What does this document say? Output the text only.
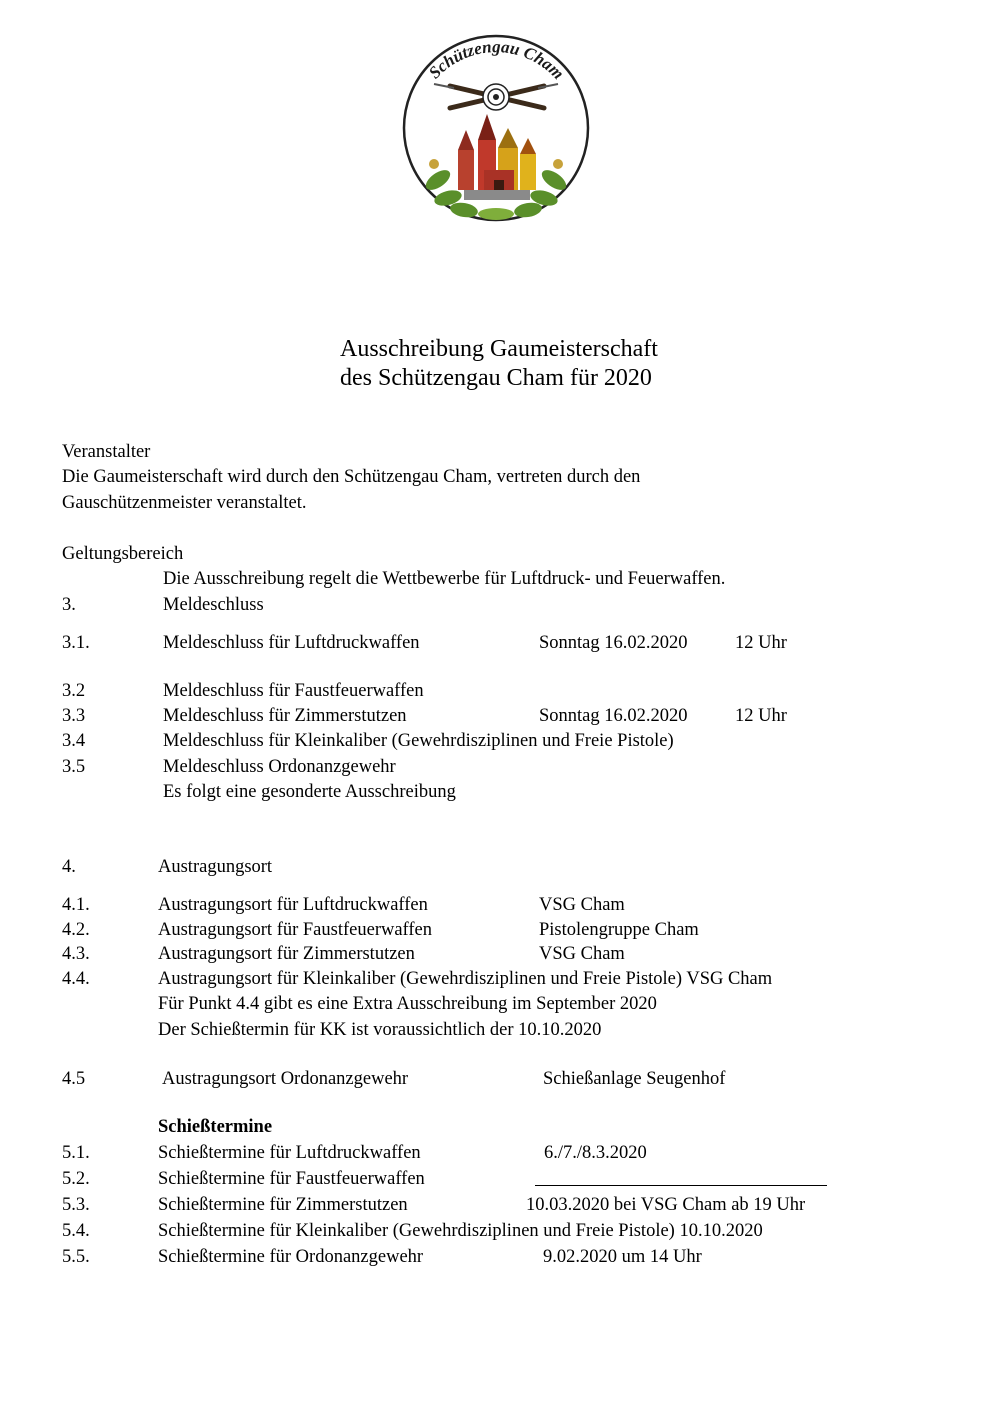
Schützengau Cham
Ausschreibung Gaumeisterschaft
des Schützengau Cham für 2020
Veranstalter
Die Gaumeisterschaft wird durch den Schützengau Cham, vertreten durch den
Gauschützenmeister veranstaltet.
Geltungsbereich
Die Ausschreibung regelt die Wettbewerbe für Luftdruck- und Feuerwaffen.
3.	Meldeschluss
3.1.	Meldeschluss für Luftdruckwaffen	Sonntag 16.02.2020	12 Uhr
3.2	Meldeschluss für Faustfeuerwaffen
3.3	Meldeschluss für Zimmerstutzen	Sonntag 16.02.2020	12 Uhr
3.4	Meldeschluss für Kleinkaliber (Gewehrdisziplinen und Freie Pistole)
3.5	Meldeschluss Ordonanzgewehr
Es folgt eine gesonderte Ausschreibung
4.	Austragungsort
4.1.	Austragungsort für Luftdruckwaffen	VSG Cham
4.2.	Austragungsort für Faustfeuerwaffen	Pistolengruppe Cham
4.3.	Austragungsort für Zimmerstutzen	VSG Cham
4.4.	Austragungsort für Kleinkaliber (Gewehrdisziplinen und Freie Pistole) VSG Cham
Für Punkt 4.4 gibt es eine Extra Ausschreibung im September 2020
Der Schießtermin für KK ist voraussichtlich der 10.10.2020
4.5	Austragungsort Ordonanzgewehr	Schießanlage Seugenhof
Schießtermine
5.1.	Schießtermine für Luftdruckwaffen	6./7./8.3.2020
5.2.	Schießtermine für Faustfeuerwaffen
5.3.	Schießtermine für Zimmerstutzen	10.03.2020 bei VSG Cham ab 19 Uhr
5.4.	Schießtermine für Kleinkaliber (Gewehrdisziplinen und Freie Pistole) 10.10.2020
5.5.	Schießtermine für Ordonanzgewehr	9.02.2020 um 14 Uhr
